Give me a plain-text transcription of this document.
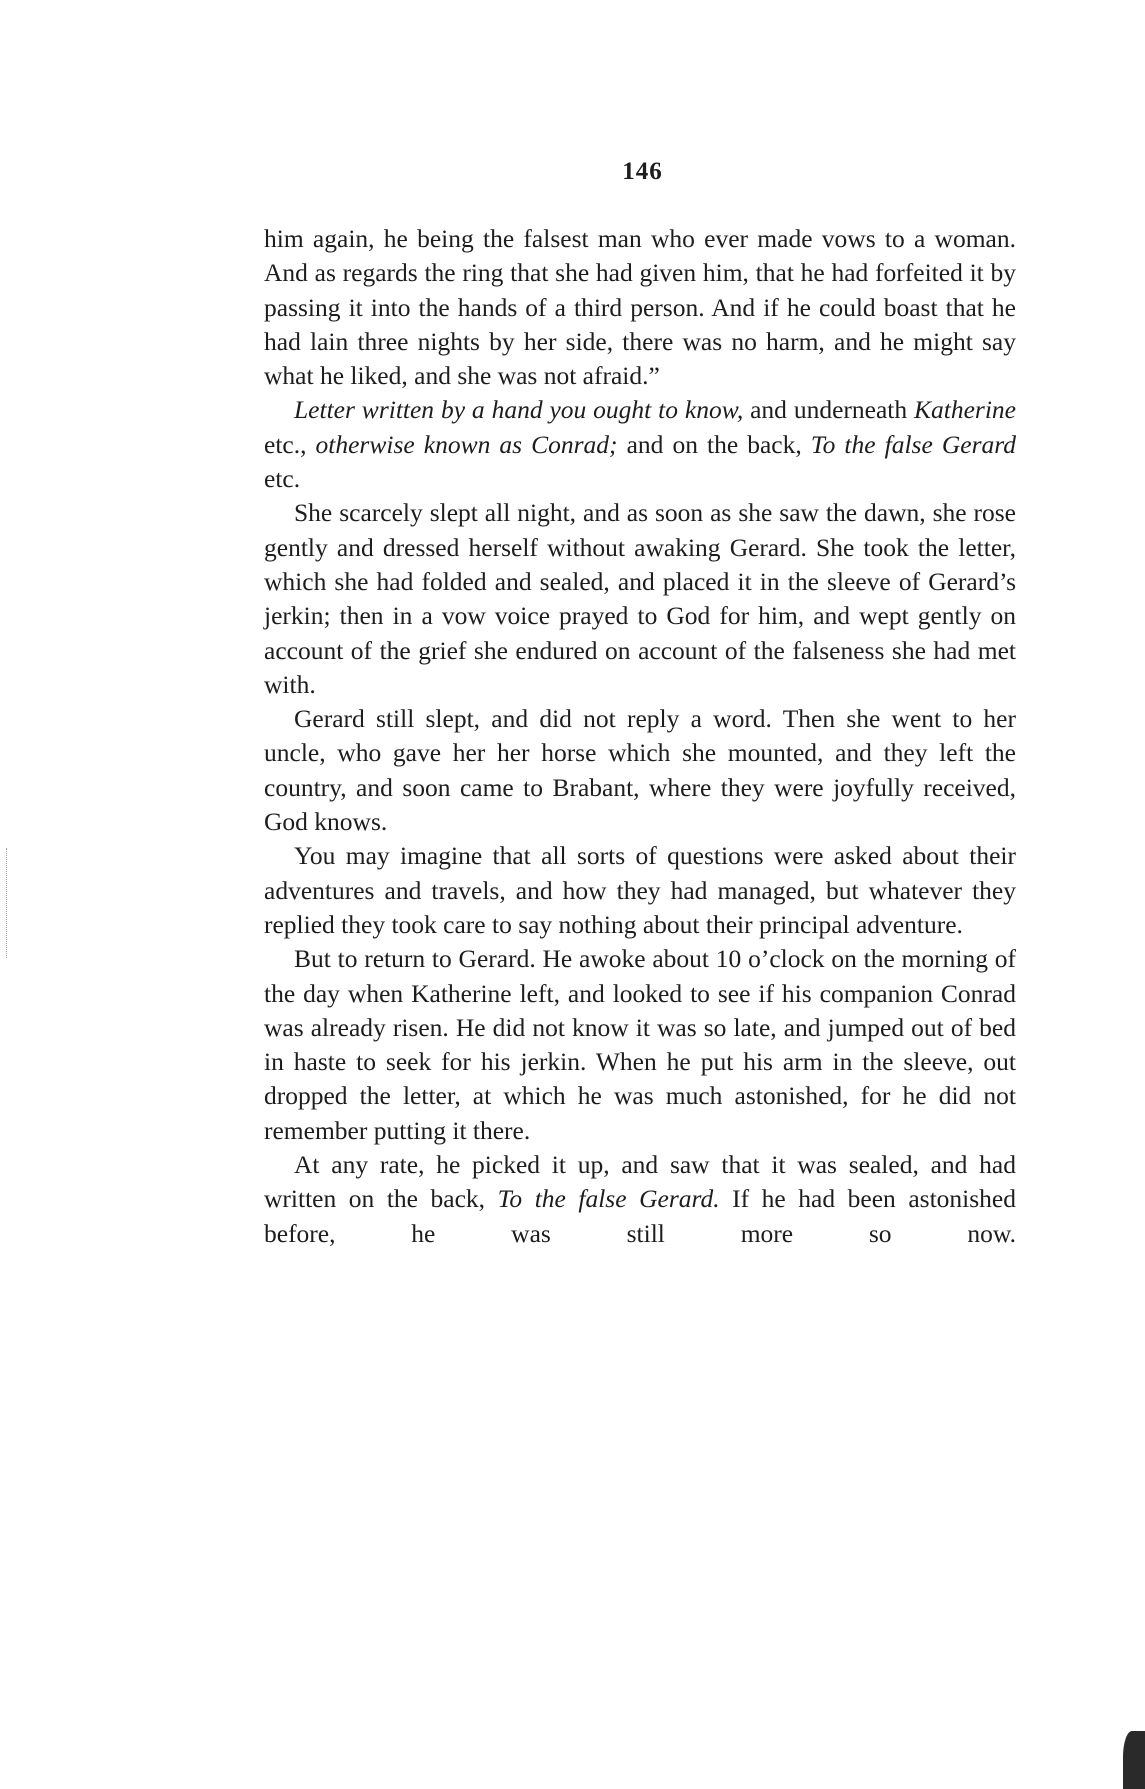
146

him again, he being the falsest man who ever made vows to a woman. And as regards the ring that she had given him, that he had forfeited it by passing it into the hands of a third person. And if he could boast that he had lain three nights by her side, there was no harm, and he might say what he liked, and she was not afraid.”

Letter written by a hand you ought to know, and underneath Katherine etc., otherwise known as Conrad; and on the back, To the false Gerard etc.

She scarcely slept all night, and as soon as she saw the dawn, she rose gently and dressed herself without awaking Gerard. She took the letter, which she had folded and sealed, and placed it in the sleeve of Gerard’s jerkin; then in a vow voice prayed to God for him, and wept gently on account of the grief she endured on account of the falseness she had met with.

Gerard still slept, and did not reply a word. Then she went to her uncle, who gave her her horse which she mounted, and they left the country, and soon came to Brabant, where they were joyfully received, God knows.

You may imagine that all sorts of questions were asked about their adventures and travels, and how they had managed, but whatever they replied they took care to say nothing about their principal adventure.

But to return to Gerard. He awoke about 10 o’clock on the morning of the day when Katherine left, and looked to see if his companion Conrad was already risen. He did not know it was so late, and jumped out of bed in haste to seek for his jerkin. When he put his arm in the sleeve, out dropped the letter, at which he was much astonished, for he did not remember putting it there.

At any rate, he picked it up, and saw that it was sealed, and had written on the back, To the false Gerard. If he had been astonished before, he was still more so now.
